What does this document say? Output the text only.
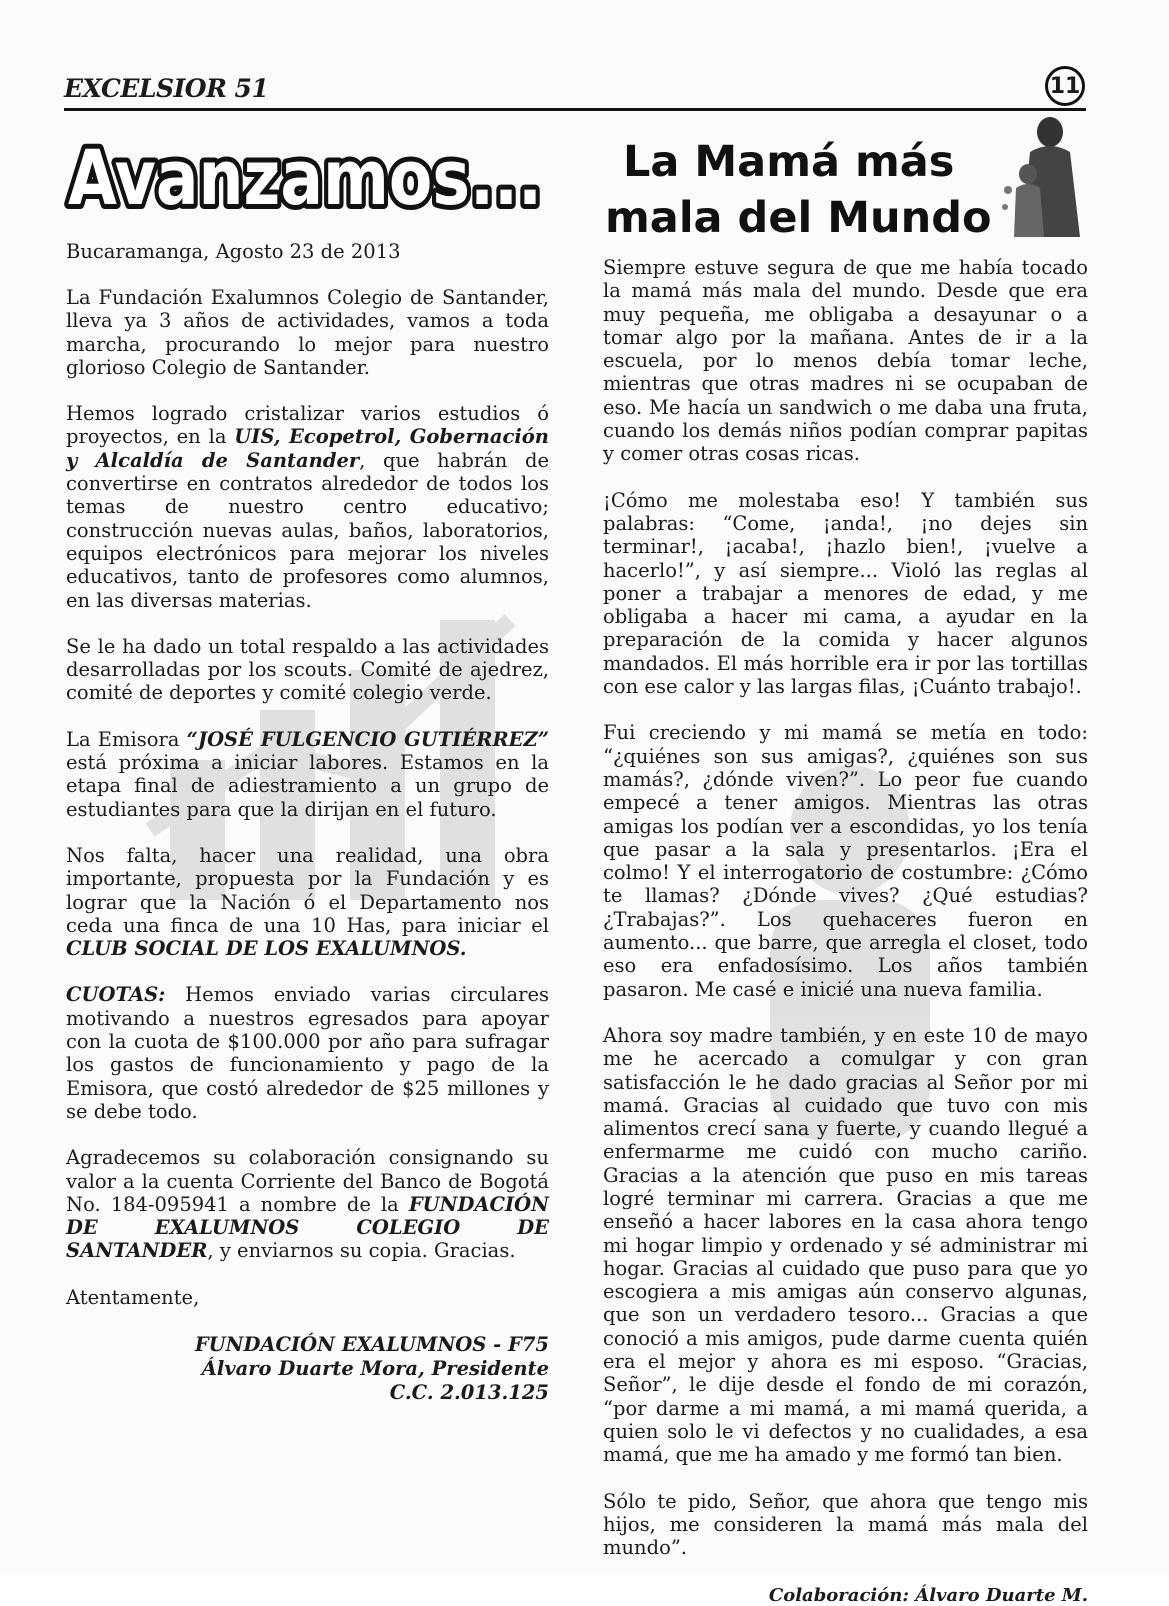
EXCELSIOR 51	11
Avanzamos...
Bucaramanga, Agosto 23 de 2013

La Fundación Exalumnos Colegio de Santander, lleva ya 3 años de actividades, vamos a toda marcha, procurando lo mejor para nuestro glorioso Colegio de Santander.

Hemos logrado cristalizar varios estudios ó proyectos, en la UIS, Ecopetrol, Gobernación y Alcaldía de Santander, que habrán de convertirse en contratos alrededor de todos los temas de nuestro centro educativo; construcción nuevas aulas, baños, laboratorios, equipos electrónicos para mejorar los niveles educativos, tanto de profesores como alumnos, en las diversas materias.

Se le ha dado un total respaldo a las actividades desarrolladas por los scouts. Comité de ajedrez, comité de deportes y comité colegio verde.

La Emisora “JOSÉ FULGENCIO GUTIÉRREZ” está próxima a iniciar labores. Estamos en la etapa final de adiestramiento a un grupo de estudiantes para que la dirijan en el futuro.

Nos falta, hacer una realidad, una obra importante, propuesta por la Fundación y es lograr que la Nación ó el Departamento nos ceda una finca de una 10 Has, para iniciar el CLUB SOCIAL DE LOS EXALUMNOS.

CUOTAS: Hemos enviado varias circulares motivando a nuestros egresados para apoyar con la cuota de $100.000 por año para sufragar los gastos de funcionamiento y pago de la Emisora, que costó alrededor de $25 millones y se debe todo.

Agradecemos su colaboración consignando su valor a la cuenta Corriente del Banco de Bogotá No. 184-095941 a nombre de la FUNDACIÓN DE EXALUMNOS COLEGIO DE SANTANDER, y enviarnos su copia. Gracias.

Atentamente,

FUNDACIÓN EXALUMNOS - F75
Álvaro Duarte Mora, Presidente
C.C. 2.013.125
La Mamá más
mala del Mundo

Siempre estuve segura de que me había tocado la mamá más mala del mundo. Desde que era muy pequeña, me obligaba a desayunar o a tomar algo por la mañana. Antes de ir a la escuela, por lo menos debía tomar leche, mientras que otras madres ni se ocupaban de eso. Me hacía un sandwich o me daba una fruta, cuando los demás niños podían comprar papitas y comer otras cosas ricas.

¡Cómo me molestaba eso! Y también sus palabras: “Come, ¡anda!, ¡no dejes sin terminar!, ¡acaba!, ¡hazlo bien!, ¡vuelve a hacerlo!”, y así siempre... Violó las reglas al poner a trabajar a menores de edad, y me obligaba a hacer mi cama, a ayudar en la preparación de la comida y hacer algunos mandados. El más horrible era ir por las tortillas con ese calor y las largas filas, ¡Cuánto trabajo!.

Fui creciendo y mi mamá se metía en todo: “¿quiénes son sus amigas?, ¿quiénes son sus mamás?, ¿dónde viven?”. Lo peor fue cuando empecé a tener amigos. Mientras las otras amigas los podían ver a escondidas, yo los tenía que pasar a la sala y presentarlos. ¡Era el colmo! Y el interrogatorio de costumbre: ¿Cómo te llamas? ¿Dónde vives? ¿Qué estudias? ¿Trabajas?”. Los quehaceres fueron en aumento... que barre, que arregla el closet, todo eso era enfadosísimo. Los años también pasaron. Me casé e inicié una nueva familia.

Ahora soy madre también, y en este 10 de mayo me he acercado a comulgar y con gran satisfacción le he dado gracias al Señor por mi mamá. Gracias al cuidado que tuvo con mis alimentos crecí sana y fuerte, y cuando llegué a enfermarme me cuidó con mucho cariño. Gracias a la atención que puso en mis tareas logré terminar mi carrera. Gracias a que me enseñó a hacer labores en la casa ahora tengo mi hogar limpio y ordenado y sé administrar mi hogar. Gracias al cuidado que puso para que yo escogiera a mis amigas aún conservo algunas, que son un verdadero tesoro... Gracias a que conoció a mis amigos, pude darme cuenta quién era el mejor y ahora es mi esposo. “Gracias, Señor”, le dije desde el fondo de mi corazón, “por darme a mi mamá, a mi mamá querida, a quien solo le vi defectos y no cualidades, a esa mamá, que me ha amado y me formó tan bien.

Sólo te pido, Señor, que ahora que tengo mis hijos, me consideren la mamá más mala del mundo”.

Colaboración: Álvaro Duarte M.
